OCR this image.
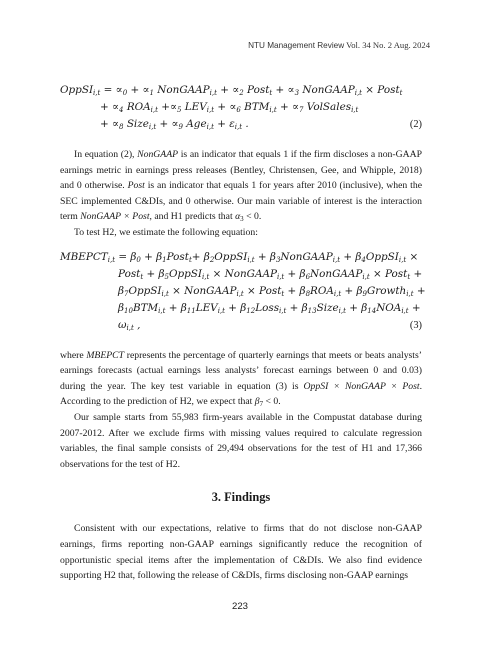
NTU Management Review Vol. 34 No. 2 Aug. 2024
OppSI$_{i,t}$ = $\propto_0 + \propto_1$ NonGAAP$_{i,t}$ + $\propto_2$ Post$_t$ + $\propto_3$ NonGAAP$_{i,t}$ × Post$_t$
+ $\propto_4$ $ROA_{i,t} +\propto_5$ $LEV_{i,t} + \propto_6$ $BTM_{i,t} + \propto_7$ VolSales$_{i,t}$
+ $\propto_8$ Size$_{i,t}$ + $\propto_9$ $Age_{i,t} + \varepsilon_{i,t}$ .	(2)

In equation (2), NonGAAP is an indicator that equals 1 if the firm discloses a non-GAAP earnings metric in earnings press releases (Bentley, Christensen, Gee, and Whipple, 2018) and 0 otherwise. Post is an indicator that equals 1 for years after 2010 (inclusive), when the SEC implemented C&DIs, and 0 otherwise. Our main variable of interest is the interaction term NonGAAP × Post, and H1 predicts that $\alpha_3 < 0$.

To test H2, we estimate the following equation:

$MBEPCT_{i,t} = \beta_0$ + $\beta_1Post_t+$ $\beta_2OppSI_{i,t}$ + $\beta_3NonGAAP_{i,t}$ + $\beta_4OppSI_{i,t}$ ×
Post$_t$ + $\beta_5OppSI_{i,t}$ × NonGAAP$_{i,t}$ + $\beta_6NonGAAP_{i,t}$ × Post$_t$ +
$\beta_7OppSI_{i,t}$ × NonGAAP$_{i,t}$ × Post$_t$ + $\beta_8ROA_{i,t}$ + $\beta_9Growth_{i,t}$ +
$\beta_{10}BTM_{i,t} + \beta_{11}LEV_{i,t}$ + $\beta_{12}Loss_{i,t}$ + $\beta_{13}Size_{i,t} + \beta_{14}NOA_{i,t}$ +
$\omega_{i,t}$ ,	(3)

where MBEPCT represents the percentage of quarterly earnings that meets or beats analysts’ earnings forecasts (actual earnings less analysts’ forecast earnings between 0 and 0.03) during the year. The key test variable in equation (3) is OppSI × NonGAAP × Post. According to the prediction of H2, we expect that $\beta_7 < 0$.

Our sample starts from 55,983 firm-years available in the Compustat database during 2007-2012. After we exclude firms with missing values required to calculate regression variables, the final sample consists of 29,494 observations for the test of H1 and 17,366 observations for the test of H2.

3. Findings

Consistent with our expectations, relative to firms that do not disclose non-GAAP earnings, firms reporting non-GAAP earnings significantly reduce the recognition of opportunistic special items after the implementation of C&DIs. We also find evidence supporting H2 that, following the release of C&DIs, firms disclosing non-GAAP earnings

223
